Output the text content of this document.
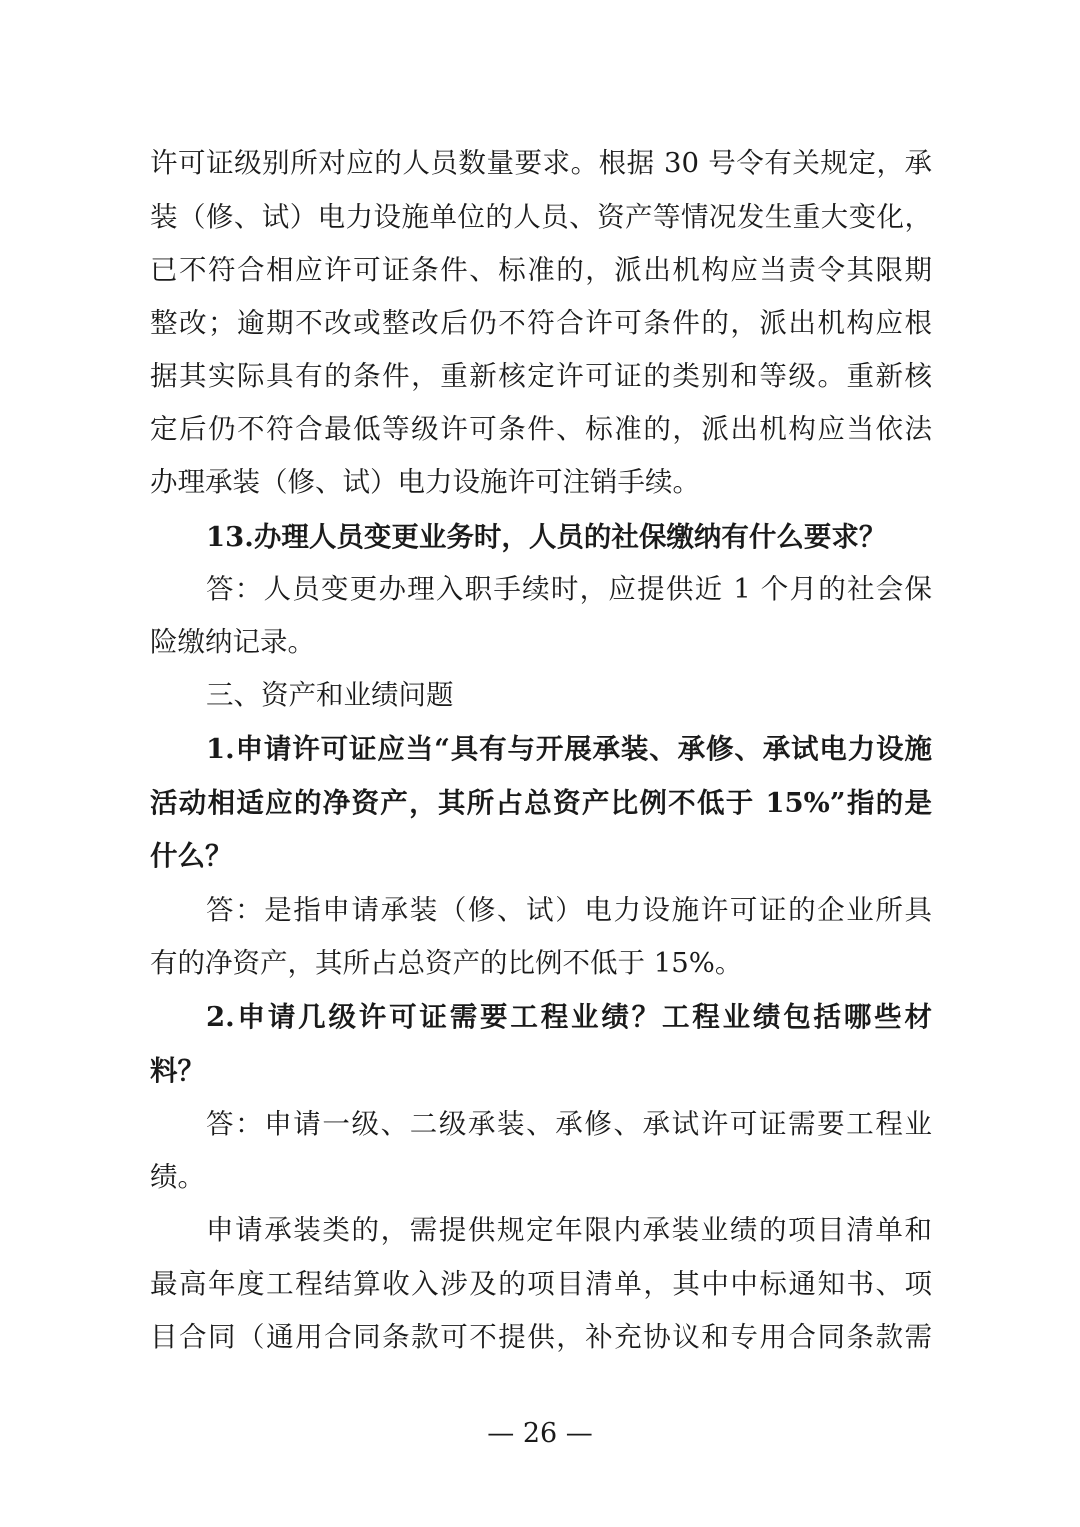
许可证级别所对应的人员数量要求。根据 30 号令有关规定，承
装（修、试）电力设施单位的人员、资产等情况发生重大变化，
已不符合相应许可证条件、标准的，派出机构应当责令其限期
整改；逾期不改或整改后仍不符合许可条件的，派出机构应根
据其实际具有的条件，重新核定许可证的类别和等级。重新核
定后仍不符合最低等级许可条件、标准的，派出机构应当依法
办理承装（修、试）电力设施许可注销手续。
13.办理人员变更业务时，人员的社保缴纳有什么要求？
答：人员变更办理入职手续时，应提供近 1 个月的社会保
险缴纳记录。
三、资产和业绩问题
1.申请许可证应当“具有与开展承装、承修、承试电力设施
活动相适应的净资产，其所占总资产比例不低于 15%”指的是
什么？
答：是指申请承装（修、试）电力设施许可证的企业所具
有的净资产，其所占总资产的比例不低于 15%。
2.申请几级许可证需要工程业绩？工程业绩包括哪些材
料？
答：申请一级、二级承装、承修、承试许可证需要工程业
绩。
申请承装类的，需提供规定年限内承装业绩的项目清单和
最高年度工程结算收入涉及的项目清单，其中中标通知书、项
目合同（通用合同条款可不提供，补充协议和专用合同条款需
— 26 —
